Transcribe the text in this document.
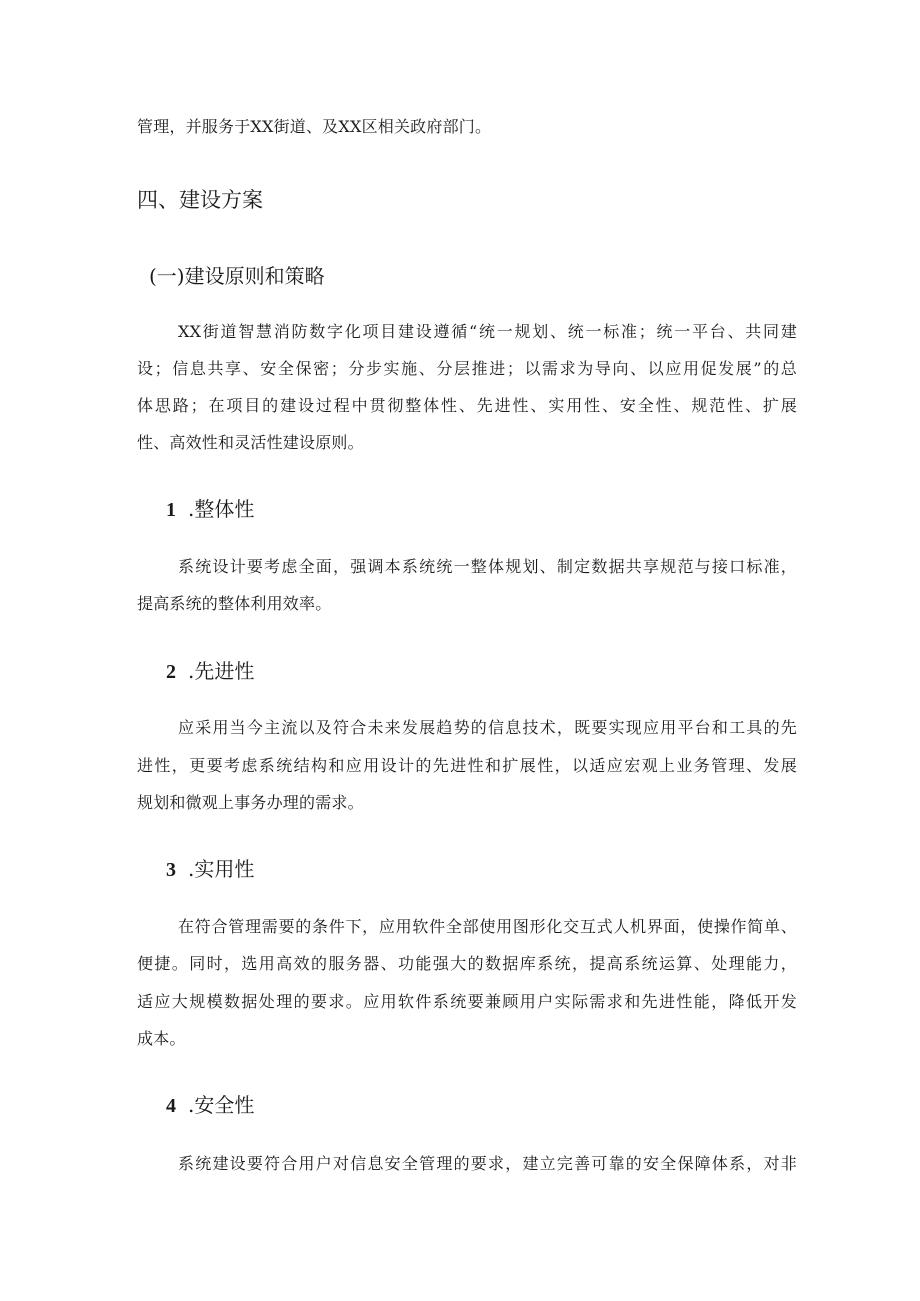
管理，并服务于XX街道、及XX区相关政府部门。
四、建设方案
(一)建设原则和策略
XX街道智慧消防数字化项目建设遵循“统一规划、统一标准；统一平台、共同建
设；信息共享、安全保密；分步实施、分层推进；以需求为导向、以应用促发展”的总
体思路；在项目的建设过程中贯彻整体性、先进性、实用性、安全性、规范性、扩展
性、高效性和灵活性建设原则。
1 .整体性
系统设计要考虑全面，强调本系统统一整体规划、制定数据共享规范与接口标准，
提高系统的整体利用效率。
2 .先进性
应采用当今主流以及符合未来发展趋势的信息技术，既要实现应用平台和工具的先
进性，更要考虑系统结构和应用设计的先进性和扩展性，以适应宏观上业务管理、发展
规划和微观上事务办理的需求。
3 .实用性
在符合管理需要的条件下，应用软件全部使用图形化交互式人机界面，使操作简单、
便捷。同时，选用高效的服务器、功能强大的数据库系统，提高系统运算、处理能力，
适应大规模数据处理的要求。应用软件系统要兼顾用户实际需求和先进性能，降低开发
成本。
4 .安全性
系统建设要符合用户对信息安全管理的要求，建立完善可靠的安全保障体系，对非
